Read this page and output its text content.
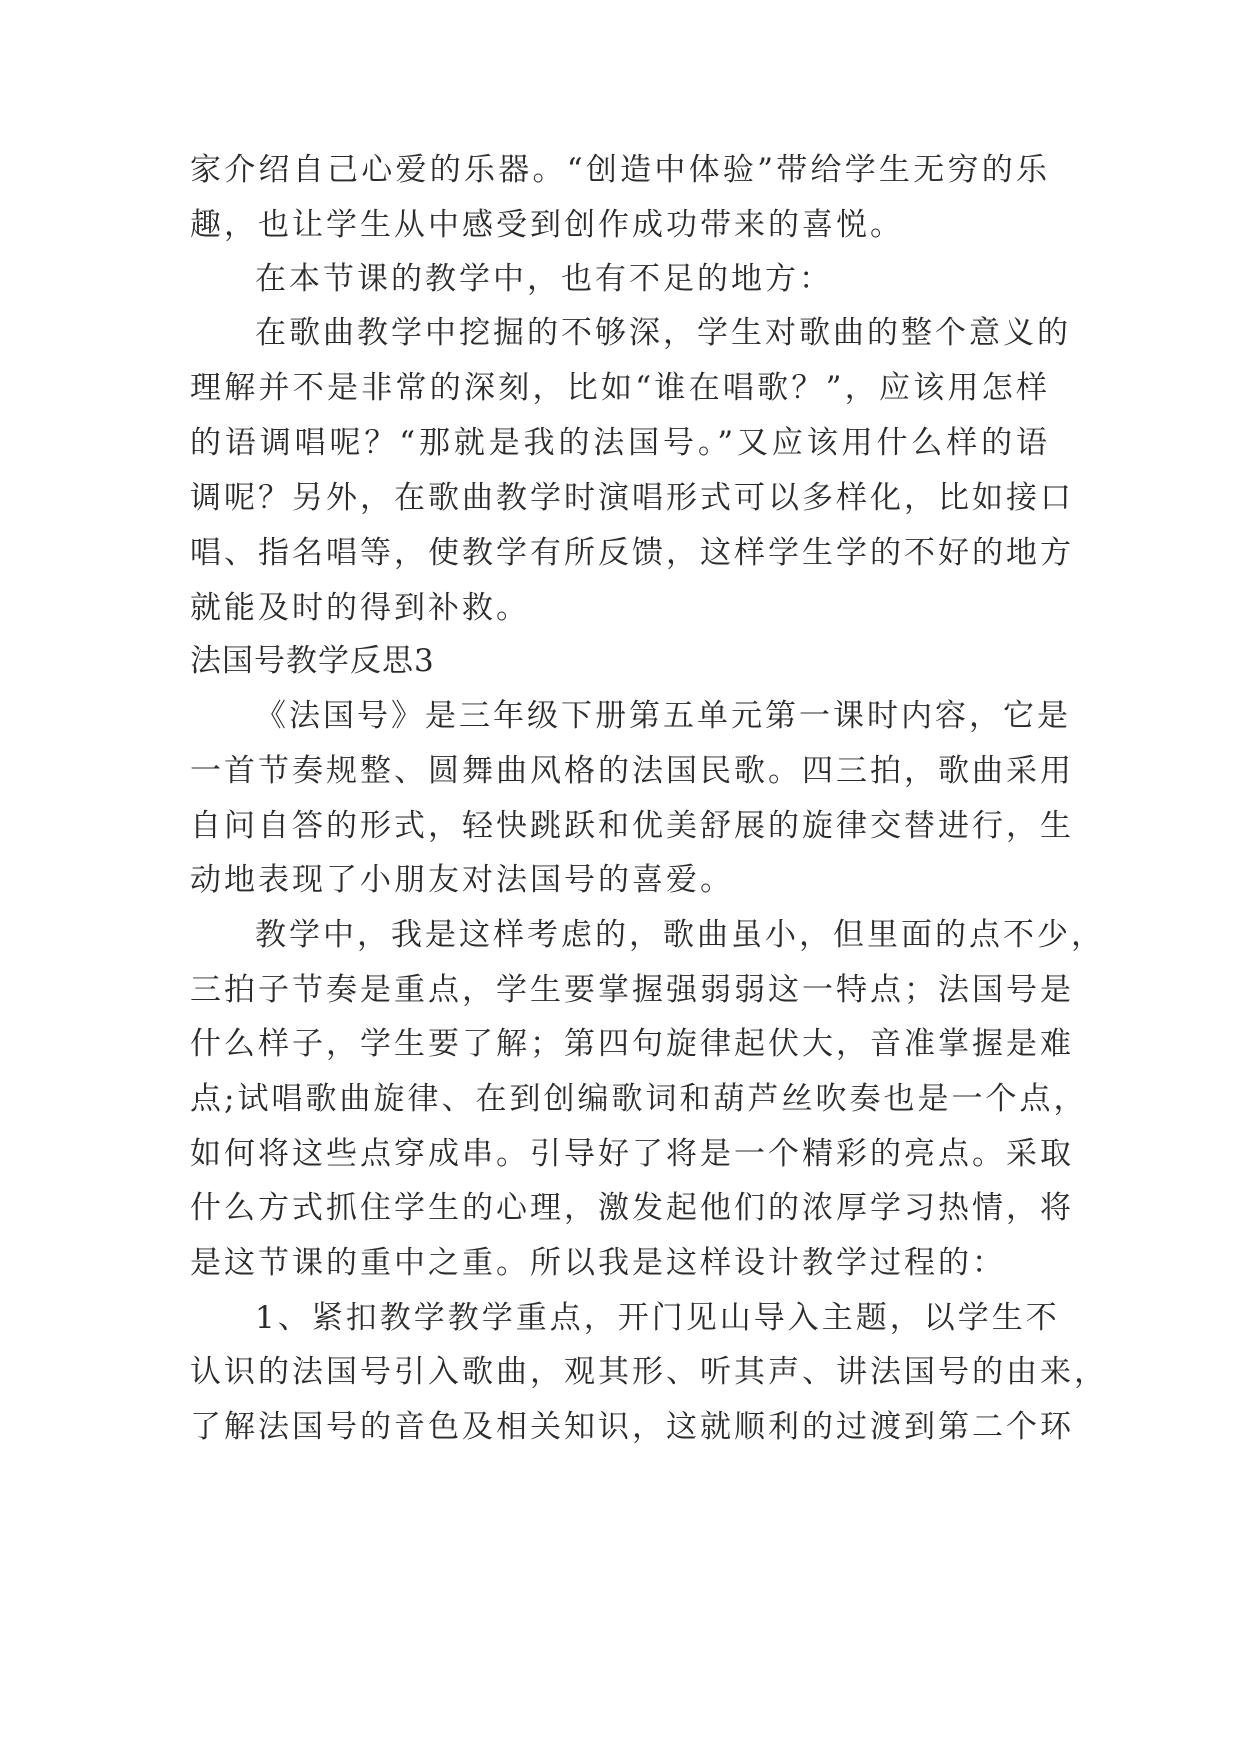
家介绍自己心爱的乐器。“创造中体验”带给学生无穷的乐
趣，也让学生从中感受到创作成功带来的喜悦。
在本节课的教学中，也有不足的地方：
在歌曲教学中挖掘的不够深，学生对歌曲的整个意义的
理解并不是非常的深刻，比如“谁在唱歌？”，应该用怎样
的语调唱呢？“那就是我的法国号。”又应该用什么样的语
调呢？另外，在歌曲教学时演唱形式可以多样化，比如接口
唱、指名唱等，使教学有所反馈，这样学生学的不好的地方
就能及时的得到补救。
法国号教学反思3
《法国号》是三年级下册第五单元第一课时内容，它是
一首节奏规整、圆舞曲风格的法国民歌。四三拍，歌曲采用
自问自答的形式，轻快跳跃和优美舒展的旋律交替进行，生
动地表现了小朋友对法国号的喜爱。
教学中，我是这样考虑的，歌曲虽小，但里面的点不少，
三拍子节奏是重点，学生要掌握强弱弱这一特点；法国号是
什么样子，学生要了解；第四句旋律起伏大，音准掌握是难
点;试唱歌曲旋律、在到创编歌词和葫芦丝吹奏也是一个点，
如何将这些点穿成串。引导好了将是一个精彩的亮点。采取
什么方式抓住学生的心理，激发起他们的浓厚学习热情，将
是这节课的重中之重。所以我是这样设计教学过程的：
1、紧扣教学教学重点，开门见山导入主题，以学生不
认识的法国号引入歌曲，观其形、听其声、讲法国号的由来，
了解法国号的音色及相关知识，这就顺利的过渡到第二个环
